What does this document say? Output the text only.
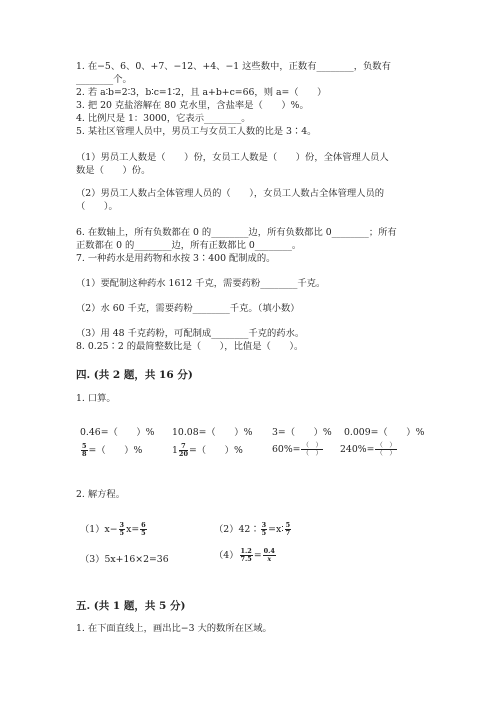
1. 在−5、6、0、+7、−12、+4、−1 这些数中，正数有________，负数有
________个。
2. 若 a∶b=2∶3，b∶c=1∶2，且 a+b+c=66，则 a=（　　）
3. 把 20 克盐溶解在 80 克水里，含盐率是（　　）%。
4. 比例尺是 1：3000，它表示________。
5. 某社区管理人员中，男员工与女员工人数的比是 3∶4。
（1）男员工人数是（　　）份，女员工人数是（　　）份，全体管理人员人
数是（　　）份。
（2）男员工人数占全体管理人员的（　　），女员工人数占全体管理人员的
（　　）。
6. 在数轴上，所有负数都在 0 的________边，所有负数都比 0________；所有
正数都在 0 的________边，所有正数都比 0________。
7. 一种药水是用药物和水按 3∶400 配制成的。
（1）要配制这种药水 1612 千克，需要药粉________千克。
（2）水 60 千克，需要药粉________千克。（填小数）
（3）用 48 千克药粉，可配制成________千克的药水。
8. 0.25∶2 的最简整数比是（　　），比值是（　　）。
四. (共 2 题，共 16 分)
1. 口算。
0.46=（　　）% 10.08=（　　）% 3=（　　）% 0.009=（　　）%
$\frac{5}{8}$ =（　　）%	$1 \frac{7}{20}$ =（　　）%	$60\%= \frac{( )}{( )} 240\%= \frac{( )}{( )}$
2. 解方程。
$(1)x- \frac{3}{5} x= \frac{6}{5}$	（2）42∶ $\frac{3}{5}$ =x∶ $\frac{5}{7}$
（3）5x+16×2=36	$(4) \frac{1.2}{7.5} = \frac{0.4}{x}$
五. (共 1 题，共 5 分)
1. 在下面直线上，画出比−3 大的数所在区域。
